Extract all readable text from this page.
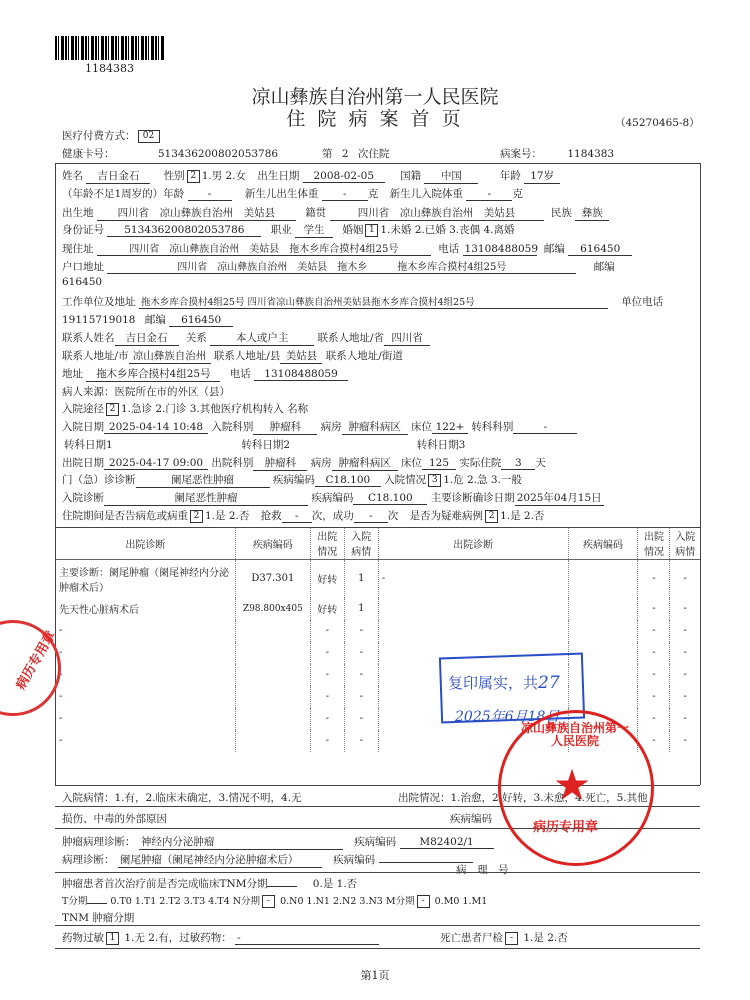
1184383
凉山彝族自治州第一人民医院
住 院 病 案 首 页	（45270465-8）
医疗付费方式： 02
健康卡号：	513436200802053786	第 2 次住院	病案号： 1184383
姓名 吉日金石 性别 2 1.男 2.女 出生日期 2008-02-05 国籍 中国	年龄 17岁
（年龄不足1周岁的）年龄 -	新生儿出生体重 - 克 新生儿入院体重 - 克
出生地 四川省　凉山彝族自治州　美姑县	籍贯	四川省　凉山彝族自治州　美姑县	民族 彝族
身份证号 513436200802053786 职业 学生 婚姻 1 1.未婚 2.已婚 3.丧偶 4.离婚
现住址	四川省　凉山彝族自治州　美姑县　拖木乡库合摸村4组25号	电话 13108488059 邮编 616450
户口地址	四川省　凉山彝族自治州　美姑县　拖木乡　　　拖木乡库合摸村4组25号	邮编
616450
工作单位及地址 拖木乡库合摸村4组25号 四川省凉山彝族自治州美姑县拖木乡库合摸村4组25号	单位电话
19115719018 邮编 616450
联系人姓名 吉日金石 关系	本人或户主	联系人地址/省 四川省
联系人地址/市 凉山彝族自治州 联系人地址/县 美姑县 联系人地址/街道
地址 拖木乡库合摸村4组25号 电话 13108488059
病人来源：医院所在市的外区（县）
入院途径 2 1.急诊 2.门诊 3.其他医疗机构转入 名称
入院日期 2025-04-14 10:48 入院科别 肿瘤科 病房 肿瘤科病区 床位 122+ 转科科别	-
转科日期1	转科日期2	转科日期3
出院日期 2025-04-17 09:00 出院科别 肿瘤科 病房 肿瘤科病区 床位 125 实际住院 3 天
门（急）诊诊断	阑尾恶性肿瘤	疾病编码 C18.100 入院情况 3 1.危 2.急 3.一般
入院诊断	阑尾恶性肿瘤	疾病编码 C18.100 主要诊断确诊日期 2025年04月15日
住院期间是否告病危或病重 2 1.是 2.否 抢救 - 次，成功 - 次 是否为疑难病例 2 1.是 2.否
出院诊断	疾病编码	出院情况	入院病情	出院诊断	疾病编码	出院情况	入院病情
主要诊断：阑尾肿瘤（阑尾神经内分泌肿瘤术后）	D37.301	好转	1	-		-	-
先天性心脏病术后	Z98.800x405	好转	1			-	-
-		-	-			-	-
-		-	-			-	-
-		-	-			-	-
-		-	-			-	-
-		-	-			-	-
-		-	-			-	-
入院病情：1.有，2.临床未确定，3.情况不明，4.无	出院情况：1.治愈，2.好转，3.未愈，4.死亡，5.其他
损伤、中毒的外部原因	疾病编码
肿瘤病理诊断： 神经内分泌肿瘤	疾病编码 M82402/1
病理诊断： 阑尾肿瘤（阑尾神经内分泌肿瘤术后）	疾病编码
病　理　号
肿瘤患者首次治疗前是否完成临床TNM分期	0.是 1.否
T分期 0.T0 1.T1 2.T2 3.T3 4.T4 N分期 - 0.N0 1.N1 2.N2 3.N3 M分期 - 0.M0 1.M1
TNM 肿瘤分期
药物过敏 1 1.无 2.有，过敏药物： -	死亡患者尸检 - 1.是 2.否
第1页
病历专用章	复印属实，共27
2025年6月18日
凉山彝族自治州第一人民医院
★
病历专用章
